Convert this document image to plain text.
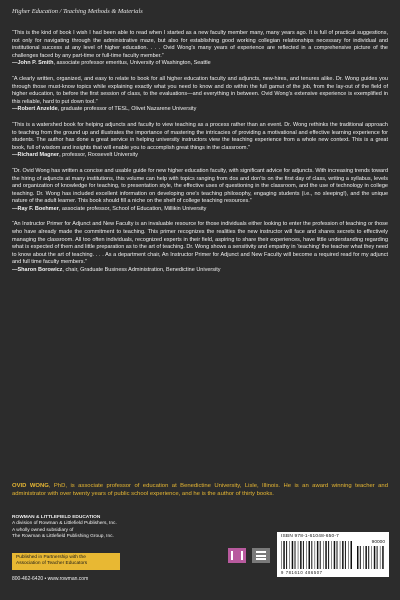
Higher Education / Teaching Methods & Materials

“This is the kind of book I wish I had been able to read when I started as a new faculty member many, many years ago. It is full of practical suggestions, not only for navigating through the administrative maze, but also for establishing good working collegian relationships necessary for individual and institutional success at any level of higher education. . . . Ovid Wong’s many years of experience are reflected in a comprehensive picture of the challenges faced by any part-time or full-time faculty member.”
—John P. Smith, associate professor emeritus, University of Washington, Seattle

“A clearly written, organized, and easy to relate to book for all higher education faculty and adjuncts, new-hires, and tenures alike. Dr. Wong guides you through those must-know topics while explaining exactly what you need to know and do within the full gamut of the job, from the lay-out of the field of higher education, to before the first session of class, to the evaluations—and everything in between. Ovid Wong’s extensive experience is exemplified in this reliable, hard to put down tool.”
—Robert Anzelde, graduate professor of TESL, Olivet Nazarene University

“This is a watershed book for helping adjuncts and faculty to view teaching as a process rather than an event. Dr. Wong rethinks the traditional approach to teaching from the ground up and illustrates the importance of mastering the intricacies of providing a motivational and effective learning experience for students. The author has done a great service in helping university instructors view the teaching experience from a whole new context. This is a great book, full of wisdom and insights that will enable you to accomplish great things in the classroom.”
—Richard Magner, professor, Roosevelt University

“Dr. Ovid Wong has written a concise and usable guide for new higher education faculty, with significant advice for adjuncts. With increasing trends toward the hiring of adjuncts at many institutions, this volume can help with topics ranging from dos and don’ts on the first day of class, writing a syllabus, levels and organization of knowledge for teaching, to presentation style, the effective uses of questioning in the classroom, and the use of technology in college teaching. Dr. Wong has included excellent information on developing one’s teaching philosophy, engaging students (i.e., no sleeping!), and the unique nature of the adult learner. This book should fill a niche on the shelf of college teaching resources.”
—Ray F. Boehmer, associate professor, School of Education, Millikin University

“An Instructor Primer for Adjunct and New Faculty is an invaluable resource for those individuals either looking to enter the profession of teaching or those who have already made the commitment to teaching. This primer recognizes the realities the new instructor will face and shares secrets to effectively managing the classroom. All too often individuals, recognized experts in their field, aspiring to share their experiences, have little understanding regarding what is expected of them and little preparation as to the art of teaching. Dr. Wong shows a sensitivity and empathy in ‘teaching’ the teacher what they need to know about the art of teaching. . . . As a department chair, An Instructor Primer for Adjunct and New Faculty will become a required read for my adjunct and full time faculty members.”
—Sharon Borowicz, chair, Graduate Business Administration, Benedictine University

OVID WONG, PhD, is associate professor of education at Benedictine University, Lisle, Illinois. He is an award winning teacher and administrator with over twenty years of public school experience, and he is the author of thirty books.
ROWMAN & LITTLEFIELD EDUCATION
A division of Rowman & Littlefield Publishers, Inc.
A wholly owned subsidiary of
The Rowman & Littlefield Publishing Group, Inc.
Published in Partnership with the
Association of Teacher Educators
800-462-6420 • www.rowman.com
ISBN 978-1-61048-650-7
90000
9 781610 486507
